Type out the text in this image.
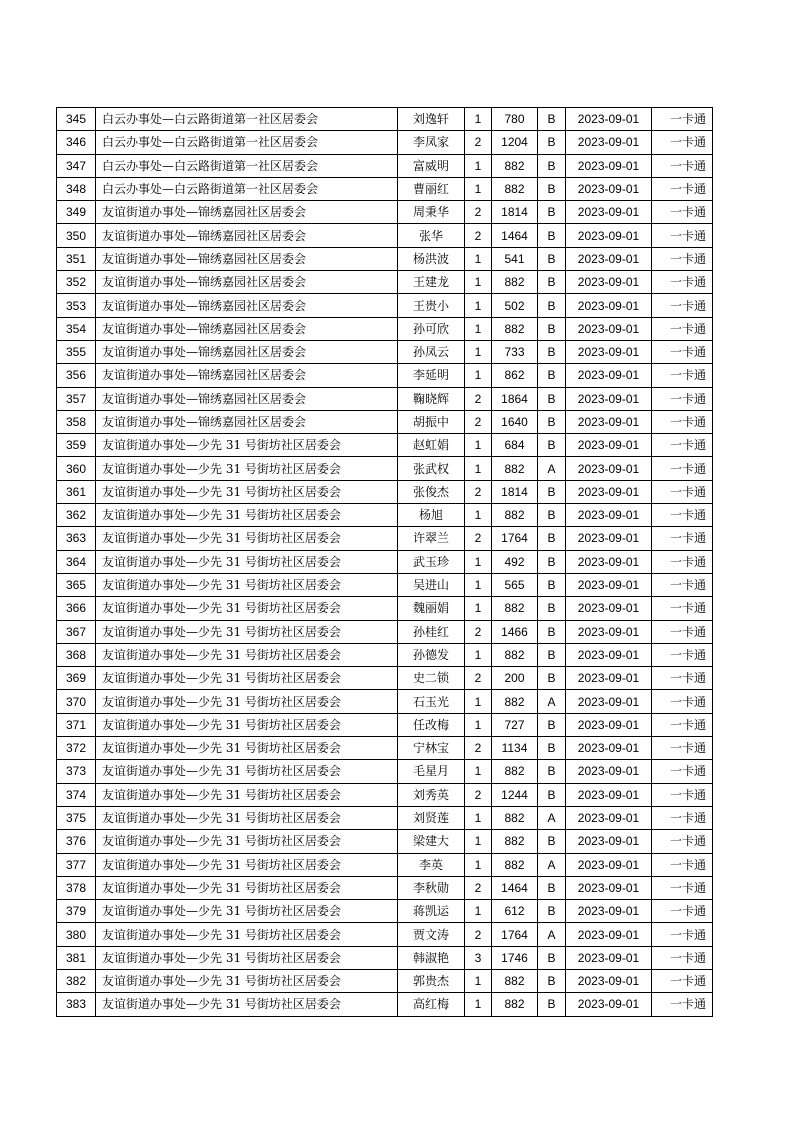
345	白云办事处—白云路街道第一社区居委会	刘逸轩	1	780	B	2023-09-01	一卡通
346	白云办事处—白云路街道第一社区居委会	李凤家	2	1204	B	2023-09-01	一卡通
347	白云办事处—白云路街道第一社区居委会	富威明	1	882	B	2023-09-01	一卡通
348	白云办事处—白云路街道第一社区居委会	曹丽红	1	882	B	2023-09-01	一卡通
349	友谊街道办事处—锦绣嘉园社区居委会	周秉华	2	1814	B	2023-09-01	一卡通
350	友谊街道办事处—锦绣嘉园社区居委会	张华	2	1464	B	2023-09-01	一卡通
351	友谊街道办事处—锦绣嘉园社区居委会	杨洪波	1	541	B	2023-09-01	一卡通
352	友谊街道办事处—锦绣嘉园社区居委会	王建龙	1	882	B	2023-09-01	一卡通
353	友谊街道办事处—锦绣嘉园社区居委会	王贵小	1	502	B	2023-09-01	一卡通
354	友谊街道办事处—锦绣嘉园社区居委会	孙可欣	1	882	B	2023-09-01	一卡通
355	友谊街道办事处—锦绣嘉园社区居委会	孙凤云	1	733	B	2023-09-01	一卡通
356	友谊街道办事处—锦绣嘉园社区居委会	李延明	1	862	B	2023-09-01	一卡通
357	友谊街道办事处—锦绣嘉园社区居委会	鞠晓辉	2	1864	B	2023-09-01	一卡通
358	友谊街道办事处—锦绣嘉园社区居委会	胡振中	2	1640	B	2023-09-01	一卡通
359	友谊街道办事处—少先 31 号街坊社区居委会	赵虹娟	1	684	B	2023-09-01	一卡通
360	友谊街道办事处—少先 31 号街坊社区居委会	张武权	1	882	A	2023-09-01	一卡通
361	友谊街道办事处—少先 31 号街坊社区居委会	张俊杰	2	1814	B	2023-09-01	一卡通
362	友谊街道办事处—少先 31 号街坊社区居委会	杨旭	1	882	B	2023-09-01	一卡通
363	友谊街道办事处—少先 31 号街坊社区居委会	许翠兰	2	1764	B	2023-09-01	一卡通
364	友谊街道办事处—少先 31 号街坊社区居委会	武玉珍	1	492	B	2023-09-01	一卡通
365	友谊街道办事处—少先 31 号街坊社区居委会	吴进山	1	565	B	2023-09-01	一卡通
366	友谊街道办事处—少先 31 号街坊社区居委会	魏丽娟	1	882	B	2023-09-01	一卡通
367	友谊街道办事处—少先 31 号街坊社区居委会	孙桂红	2	1466	B	2023-09-01	一卡通
368	友谊街道办事处—少先 31 号街坊社区居委会	孙德发	1	882	B	2023-09-01	一卡通
369	友谊街道办事处—少先 31 号街坊社区居委会	史二锁	2	200	B	2023-09-01	一卡通
370	友谊街道办事处—少先 31 号街坊社区居委会	石玉光	1	882	A	2023-09-01	一卡通
371	友谊街道办事处—少先 31 号街坊社区居委会	任改梅	1	727	B	2023-09-01	一卡通
372	友谊街道办事处—少先 31 号街坊社区居委会	宁林宝	2	1134	B	2023-09-01	一卡通
373	友谊街道办事处—少先 31 号街坊社区居委会	毛星月	1	882	B	2023-09-01	一卡通
374	友谊街道办事处—少先 31 号街坊社区居委会	刘秀英	2	1244	B	2023-09-01	一卡通
375	友谊街道办事处—少先 31 号街坊社区居委会	刘贤莲	1	882	A	2023-09-01	一卡通
376	友谊街道办事处—少先 31 号街坊社区居委会	梁建大	1	882	B	2023-09-01	一卡通
377	友谊街道办事处—少先 31 号街坊社区居委会	李英	1	882	A	2023-09-01	一卡通
378	友谊街道办事处—少先 31 号街坊社区居委会	李秋勋	2	1464	B	2023-09-01	一卡通
379	友谊街道办事处—少先 31 号街坊社区居委会	蒋凯运	1	612	B	2023-09-01	一卡通
380	友谊街道办事处—少先 31 号街坊社区居委会	贾文涛	2	1764	A	2023-09-01	一卡通
381	友谊街道办事处—少先 31 号街坊社区居委会	韩淑艳	3	1746	B	2023-09-01	一卡通
382	友谊街道办事处—少先 31 号街坊社区居委会	郭贵杰	1	882	B	2023-09-01	一卡通
383	友谊街道办事处—少先 31 号街坊社区居委会	高红梅	1	882	B	2023-09-01	一卡通
